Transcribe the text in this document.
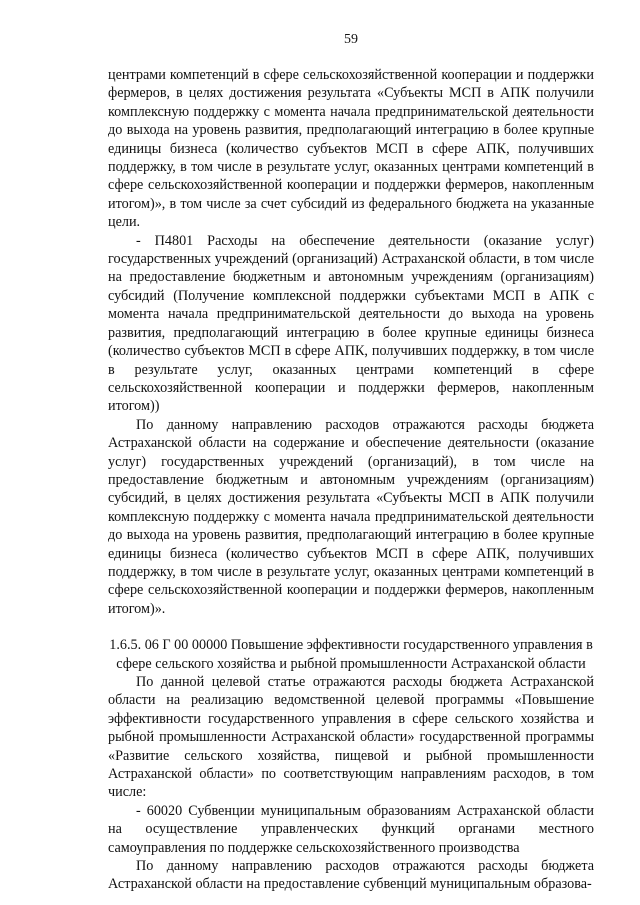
59

центрами компетенций в сфере сельскохозяйственной кооперации и поддержки фермеров, в целях достижения результата «Субъекты МСП в АПК получили комплексную поддержку с момента начала предпринимательской деятельности до выхода на уровень развития, предполагающий интеграцию в более крупные единицы бизнеса (количество субъектов МСП в сфере АПК, получивших поддержку, в том числе в результате услуг, оказанных центрами компетенций в сфере сельскохозяйственной кооперации и поддержки фермеров, накопленным итогом)», в том числе за счет субсидий из федерального бюджета на указанные цели.

- П4801 Расходы на обеспечение деятельности (оказание услуг) государственных учреждений (организаций) Астраханской области, в том числе на предоставление бюджетным и автономным учреждениям (организациям) субсидий (Получение комплексной поддержки субъектами МСП в АПК с момента начала предпринимательской деятельности до выхода на уровень развития, предполагающий интеграцию в более крупные единицы бизнеса (количество субъектов МСП в сфере АПК, получивших поддержку, в том числе в результате услуг, оказанных центрами компетенций в сфере сельскохозяйственной кооперации и поддержки фермеров, накопленным итогом))

По данному направлению расходов отражаются расходы бюджета Астраханской области на содержание и обеспечение деятельности (оказание услуг) государственных учреждений (организаций), в том числе на предоставление бюджетным и автономным учреждениям (организациям) субсидий, в целях достижения результата «Субъекты МСП в АПК получили комплексную поддержку с момента начала предпринимательской деятельности до выхода на уровень развития, предполагающий интеграцию в более крупные единицы бизнеса (количество субъектов МСП в сфере АПК, получивших поддержку, в том числе в результате услуг, оказанных центрами компетенций в сфере сельскохозяйственной кооперации и поддержки фермеров, накопленным итогом)».

1.6.5. 06 Г 00 00000 Повышение эффективности государственного управления в сфере сельского хозяйства и рыбной промышленности Астраханской области

По данной целевой статье отражаются расходы бюджета Астраханской области на реализацию ведомственной целевой программы «Повышение эффективности государственного управления в сфере сельского хозяйства и рыбной промышленности Астраханской области» государственной программы «Развитие сельского хозяйства, пищевой и рыбной промышленности Астраханской области» по соответствующим направлениям расходов, в том числе:

- 60020 Субвенции муниципальным образованиям Астраханской области на осуществление управленческих функций органами местного самоуправления по поддержке сельскохозяйственного производства

По данному направлению расходов отражаются расходы бюджета Астраханской области на предоставление субвенций муниципальным образова-
